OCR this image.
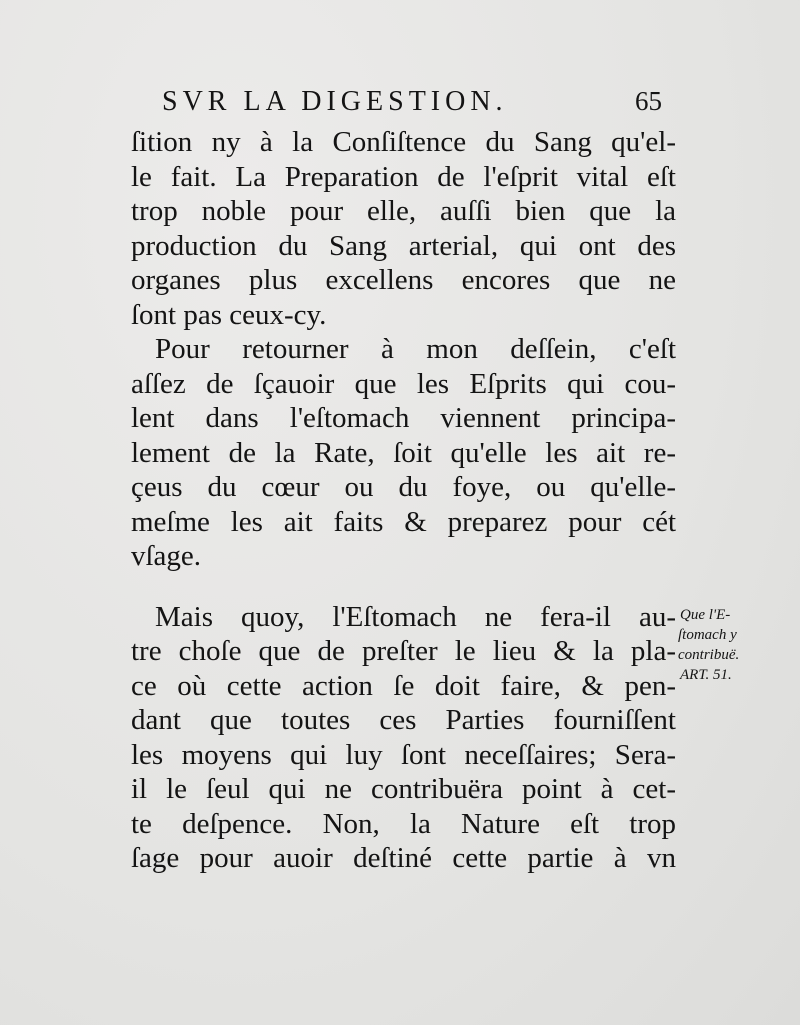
SVR LA DIGESTION.	65
ſition ny à la Conſiſtence du Sang qu'el-
le fait. La Preparation de l'eſprit vital eſt
trop noble pour elle, auſſi bien que la
production du Sang arterial, qui ont des
organes plus excellens encores que ne
ſont pas ceux-cy.
Pour retourner à mon deſſein, c'eſt
aſſez de ſçauoir que les Eſprits qui cou-
lent dans l'eſtomach viennent principa-
lement de la Rate, ſoit qu'elle les ait re-
çeus du cœur ou du foye, ou qu'elle-
meſme les ait faits & preparez pour cét
vſage.
Mais quoy, l'Eſtomach ne fera-il au-
tre choſe que de preſter le lieu & la pla-
ce où cette action ſe doit faire, & pen-
dant que toutes ces Parties fourniſſent
les moyens qui luy ſont neceſſaires; Sera-
il le ſeul qui ne contribuëra point à cet-
te deſpence. Non, la Nature eſt trop
ſage pour auoir deſtiné cette partie à vn
Que l'E-
ſtomach y
contribuë.
ART. 51.
